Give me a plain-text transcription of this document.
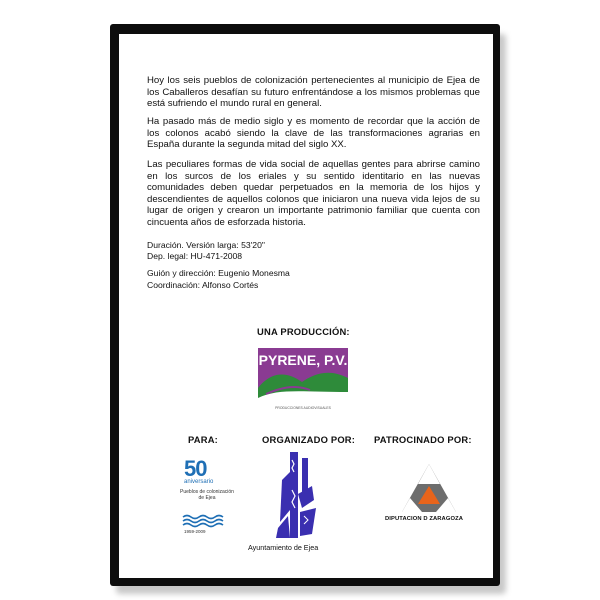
Hoy los seis pueblos de colonización pertenecientes al municipio de Ejea de los Caballeros desafían su futuro enfrentándose a los mismos problemas que está sufriendo el mundo rural en general.

Ha pasado más de medio siglo y es momento de recordar que la acción de los colonos acabó siendo la clave de las transformaciones agrarias en España durante la segunda mitad del siglo XX.

Las peculiares formas de vida social de aquellas gentes para abrirse camino en los surcos de los eriales y su sentido identitario en las nuevas comunidades deben quedar perpetuados en la memoria de los hijos y descendientes de aquellos colonos que iniciaron una nueva vida lejos de su lugar de origen y crearon un importante patrimonio familiar que cuenta con cincuenta años de esforzada historia.

Duración. Versión larga: 53'20"
Dep. legal: HU-471-2008
Guión y dirección: Eugenio Monesma
Coordinación: Alfonso Cortés
UNA PRODUCCIÓN:
PYRENE, P.V.
PRODUCCIONES AUDIOVISUALES
PARA:	ORGANIZADO POR: PATROCINADO POR:
50
aniversario
Pueblos de colonización de Ejea
1959-2009
Ayuntamiento de Ejea
DIPUTACION D ZARAGOZA
